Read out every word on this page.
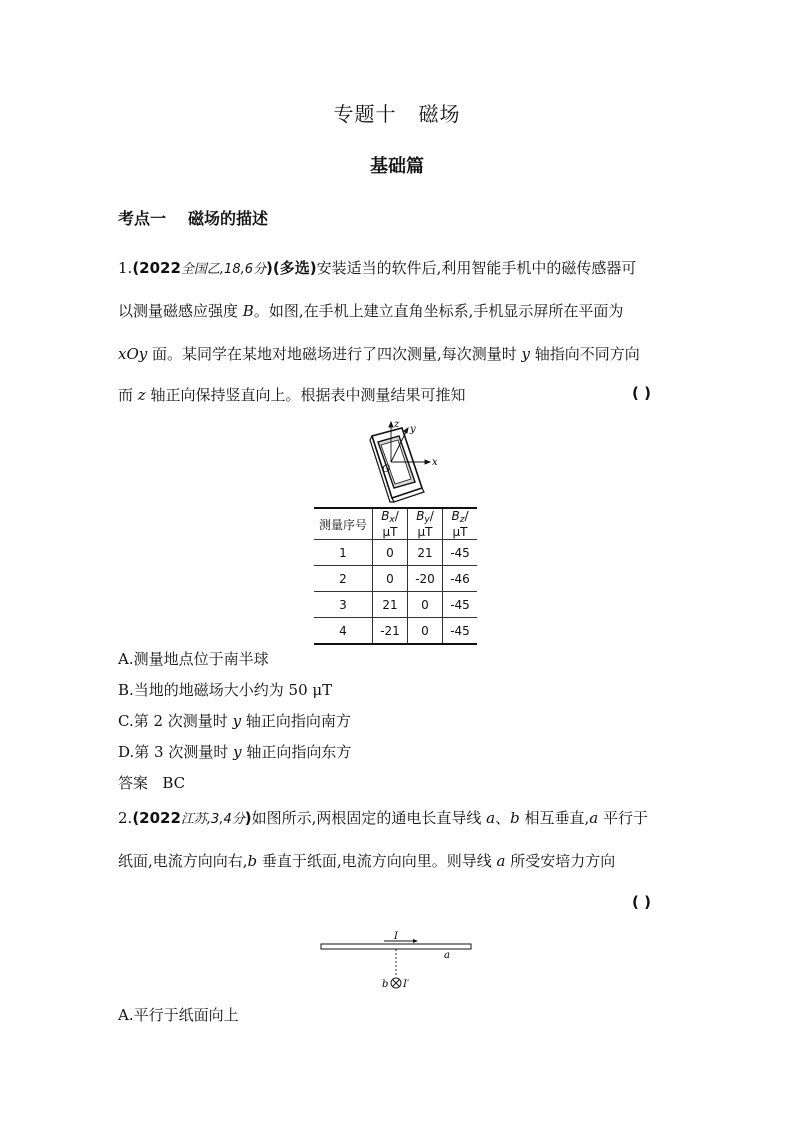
专题十 磁场
基础篇
考点一 磁场的描述
1.(2022全国乙,18,6分)(多选)安装适当的软件后,利用智能手机中的磁传感器可
以测量磁感应强度 B。如图,在手机上建立直角坐标系,手机显示屏所在平面为
xOy 面。某同学在某地对地磁场进行了四次测量,每次测量时 y 轴指向不同方向
而 z 轴正向保持竖直向上。根据表中测量结果可推知	( )
z y
x
O
测量序号	$B_x/\mu T$	$B_y/\mu T$	$B_z/\mu T$
1	0	21	-45
2	0	-20	-46
3	21	0	-45
4	-21	0	-45
A.测量地点位于南半球
B.当地的地磁场大小约为 50 μT
C.第 2 次测量时 y 轴正向指向南方
D.第 3 次测量时 y 轴正向指向东方
答案 BC
2.(2022江苏,3,4分)如图所示,两根固定的通电长直导线 a、b 相互垂直,a 平行于
纸面,电流方向向右,b 垂直于纸面,电流方向向里。则导线 a 所受安培力方向
( )
I
a
b I′
A.平行于纸面向上
